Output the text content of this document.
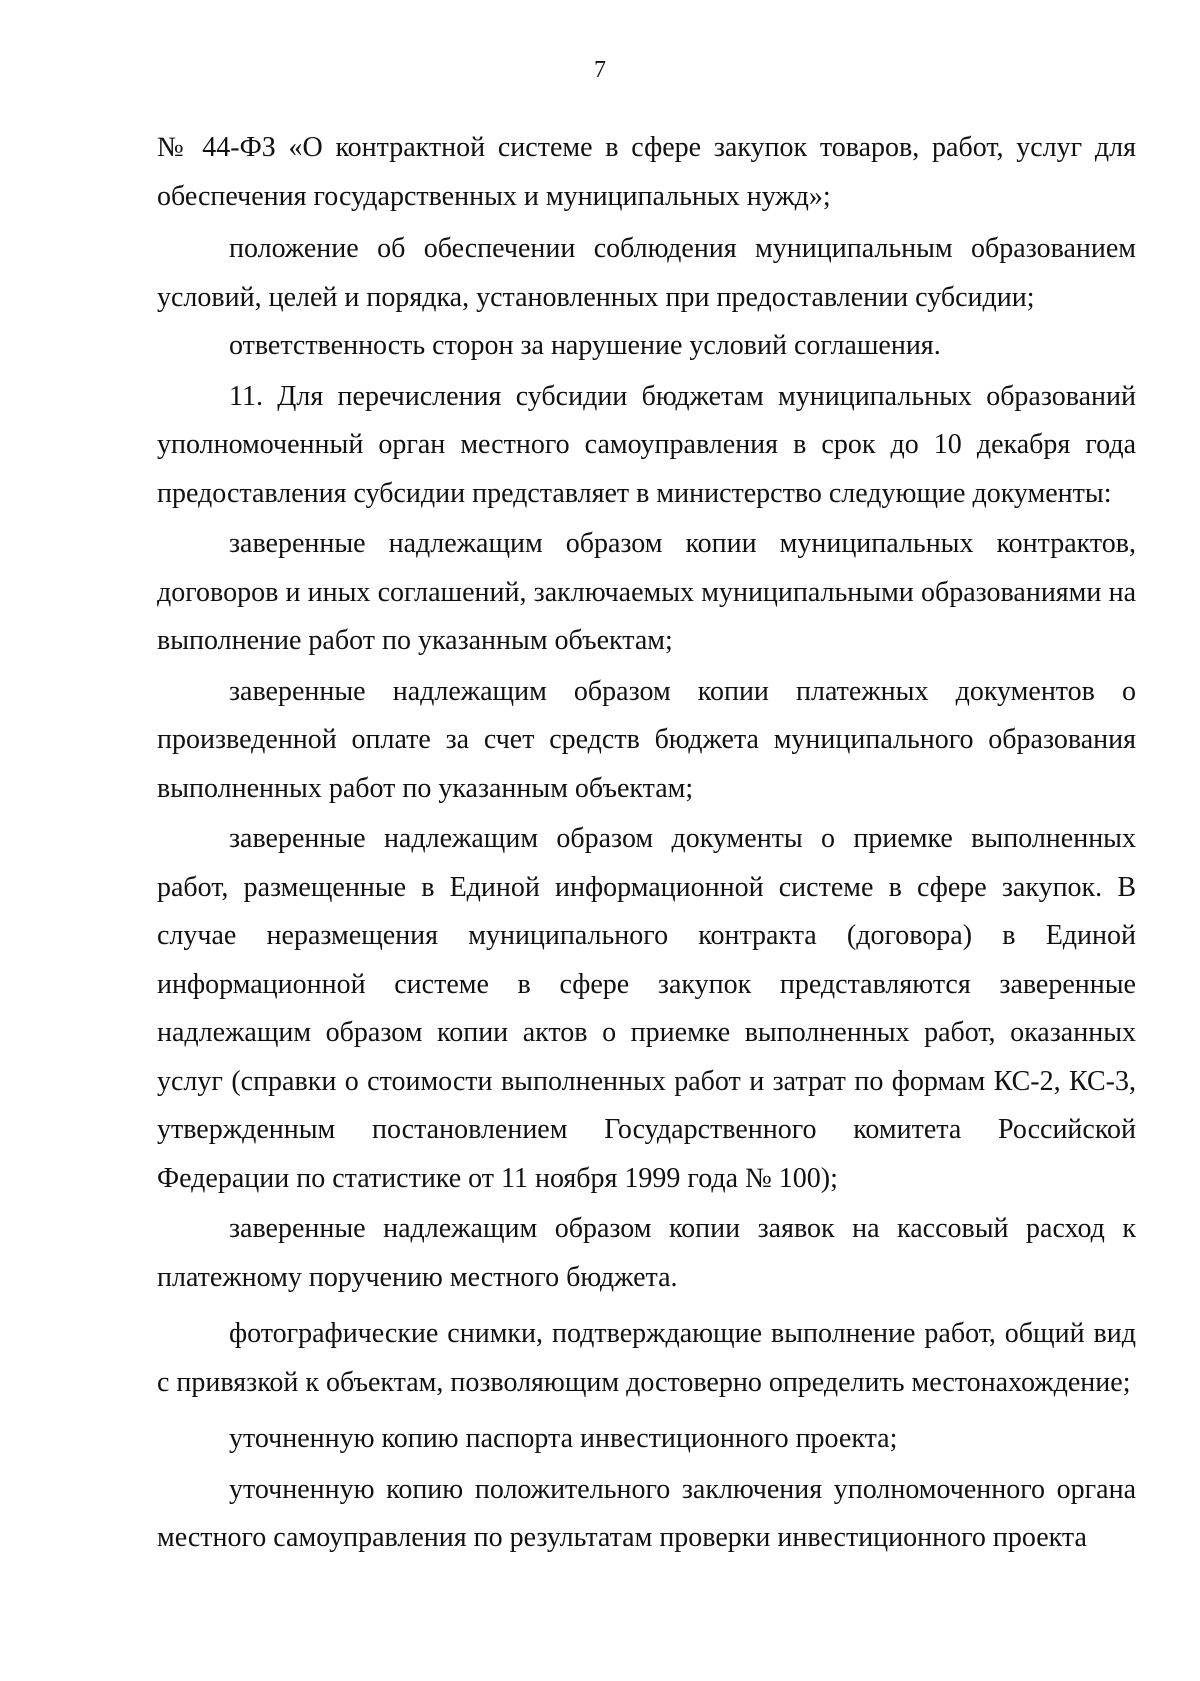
7

№ 44-ФЗ «О контрактной системе в сфере закупок товаров, работ, услуг для обеспечения государственных и муниципальных нужд»;

положение об обеспечении соблюдения муниципальным образованием условий, целей и порядка, установленных при предоставлении субсидии;

ответственность сторон за нарушение условий соглашения.

11. Для перечисления субсидии бюджетам муниципальных образований уполномоченный орган местного самоуправления в срок до 10 декабря года предоставления субсидии представляет в министерство следующие документы:

заверенные надлежащим образом копии муниципальных контрактов, договоров и иных соглашений, заключаемых муниципальными образованиями на выполнение работ по указанным объектам;

заверенные надлежащим образом копии платежных документов о произведенной оплате за счет средств бюджета муниципального образования выполненных работ по указанным объектам;

заверенные надлежащим образом документы о приемке выполненных работ, размещенные в Единой информационной системе в сфере закупок. В случае неразмещения муниципального контракта (договора) в Единой информационной системе в сфере закупок представляются заверенные надлежащим образом копии актов о приемке выполненных работ, оказанных услуг (справки о стоимости выполненных работ и затрат по формам КС-2, КС-3, утвержденным постановлением Государственного комитета Российской Федерации по статистике от 11 ноября 1999 года № 100);

заверенные надлежащим образом копии заявок на кассовый расход к платежному поручению местного бюджета.

фотографические снимки, подтверждающие выполнение работ, общий вид с привязкой к объектам, позволяющим достоверно определить местонахождение;

уточненную копию паспорта инвестиционного проекта;

уточненную копию положительного заключения уполномоченного органа местного самоуправления по результатам проверки инвестиционного проекта
